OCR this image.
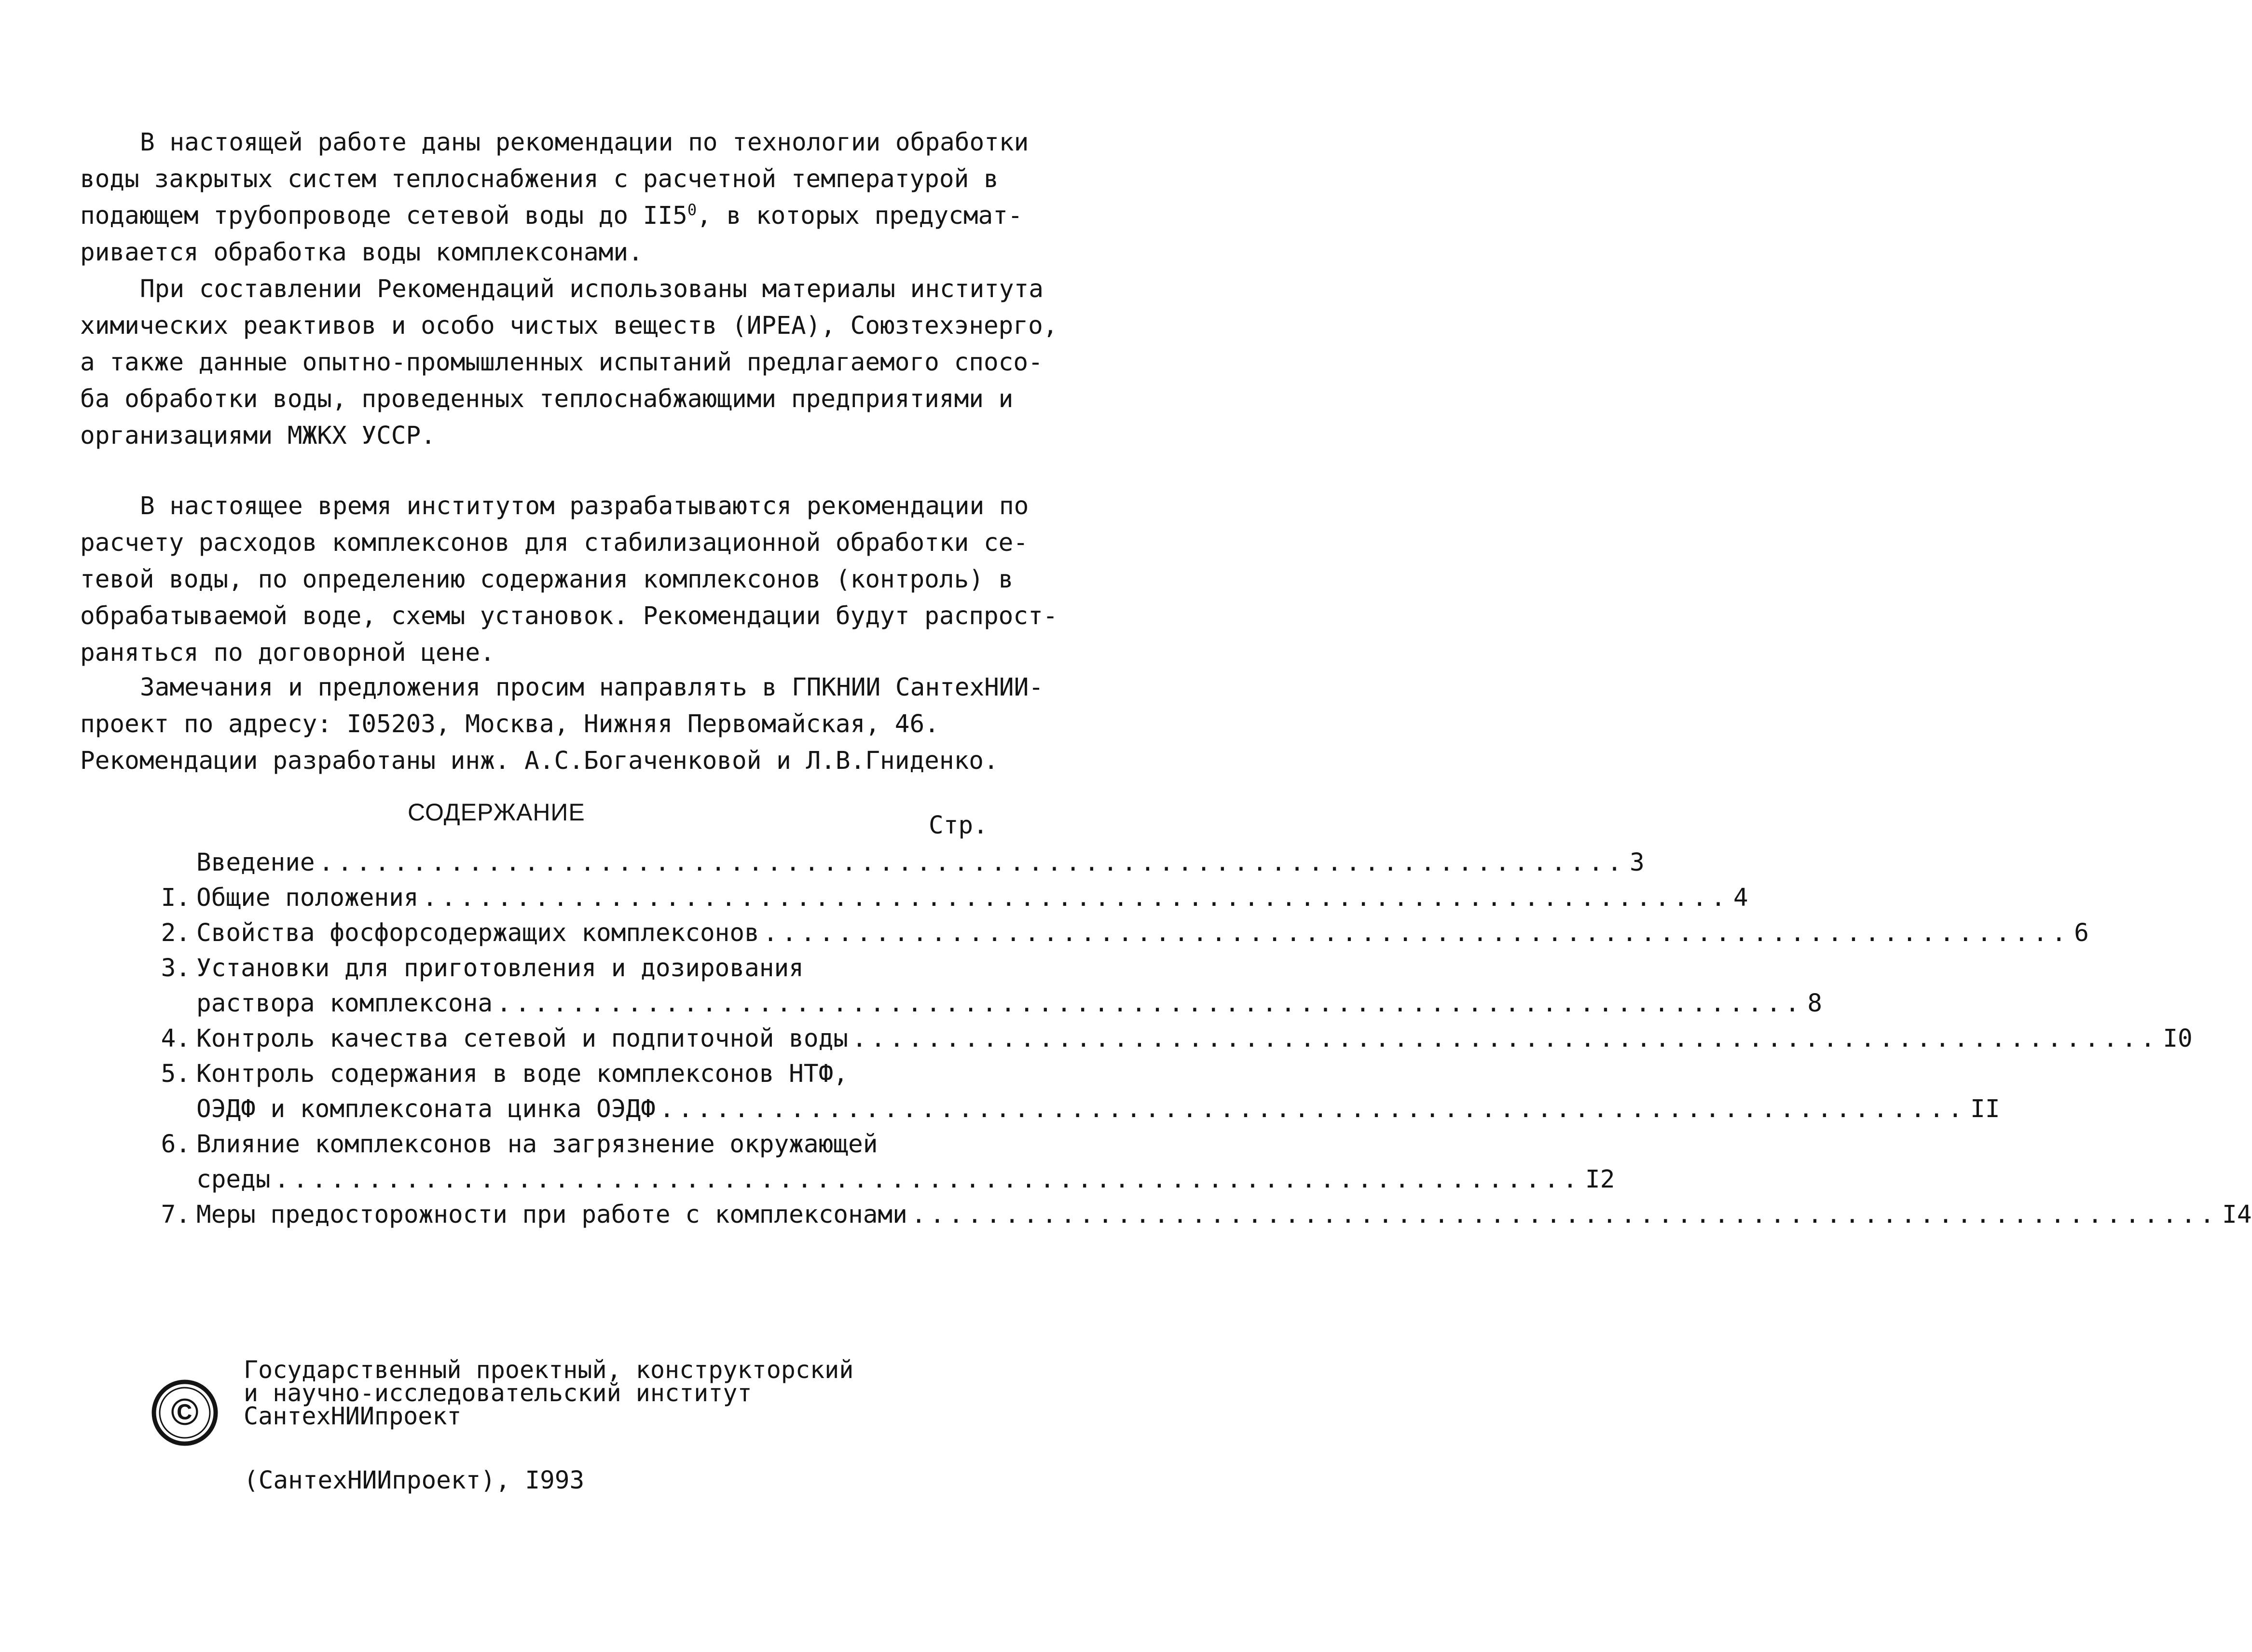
В настоящей работе даны рекомендации по технологии обработки
воды закрытых систем теплоснабжения с расчетной температурой в
подающем трубопроводе сетевой воды до $II5^0$, в которых предусмат-
ривается обработка воды комплексонами.
При составлении Рекомендаций использованы материалы института
химических реактивов и особо чистых веществ (ИРЕА), Союзтехэнерго,
а также данные опытно-промышленных испытаний предлагаемого спосо-
ба обработки воды, проведенных теплоснабжающими предприятиями и
организациями МЖКХ УССР.
В настоящее время институтом разрабатываются рекомендации по
расчету расходов комплексонов для стабилизационной обработки се-
тевой воды, по определению содержания комплексонов (контроль) в
обрабатываемой воде, схемы установок. Рекомендации будут распрост-
раняться по договорной цене.
Замечания и предложения просим направлять в ГПКНИИ СантехНИИ-
проект по адресу: I05203, Москва, Нижняя Первомайская, 46.
Рекомендации разработаны инж. А.С.Богаченковой и Л.В.Гниденко.
СОДЕРЖАНИЕ	Стр.
Введение ...................................................................... 3
I. Общие положения ...................................................................... 4
2. Свойства фосфорсодержащих комплексонов ...................................................................... 6
3. Установки для приготовления и дозирования
раствора комплексона ...................................................................... 8
4. Контроль качества сетевой и подпиточной воды ...................................................................... I0
5. Контроль содержания в воде комплексонов НТФ,
ОЭДФ и комплексоната цинка ОЭДФ ...................................................................... II
6. Влияние комплексонов на загрязнение окружающей
среды ...................................................................... I2
7. Меры предосторожности при работе с комплексонами ...................................................................... I4
©
Государственный проектный, конструкторский
и научно-исследовательский институт
СантехНИИпроект
(СантехНИИпроект), I993
